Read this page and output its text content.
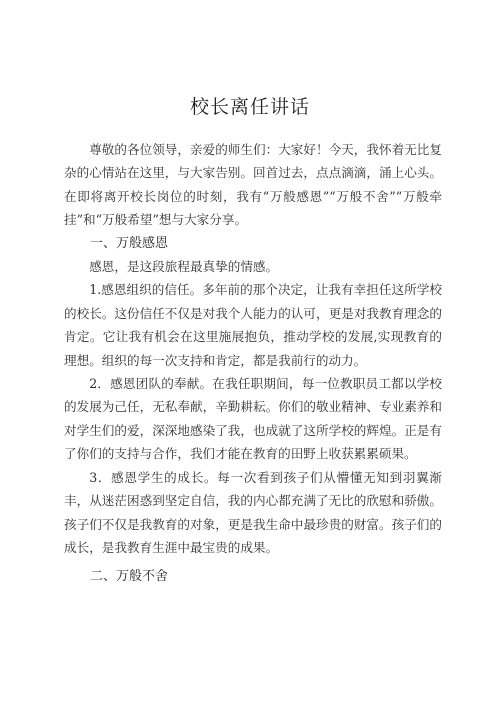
校长离任讲话

尊敬的各位领导，亲爱的师生们：大家好！今天，我怀着无比复杂的心情站在这里，与大家告别。回首过去，点点滴滴，涌上心头。在即将离开校长岗位的时刻，我有“万般感恩”“万般不舍”“万般牵挂”和“万般希望”想与大家分享。

一、万般感恩

感恩，是这段旅程最真挚的情感。

1.感恩组织的信任。多年前的那个决定，让我有幸担任这所学校的校长。这份信任不仅是对我个人能力的认可，更是对我教育理念的肯定。它让我有机会在这里施展抱负，推动学校的发展,实现教育的理想。组织的每一次支持和肯定，都是我前行的动力。

2．感恩团队的奉献。在我任职期间，每一位教职员工都以学校的发展为己任，无私奉献，辛勤耕耘。你们的敬业精神、专业素养和对学生们的爱，深深地感染了我，也成就了这所学校的辉煌。正是有了你们的支持与合作，我们才能在教育的田野上收获累累硕果。

3．感恩学生的成长。每一次看到孩子们从懵懂无知到羽翼渐丰，从迷茫困惑到坚定自信，我的内心都充满了无比的欣慰和骄傲。孩子们不仅是我教育的对象，更是我生命中最珍贵的财富。孩子们的成长，是我教育生涯中最宝贵的成果。

二、万般不舍
